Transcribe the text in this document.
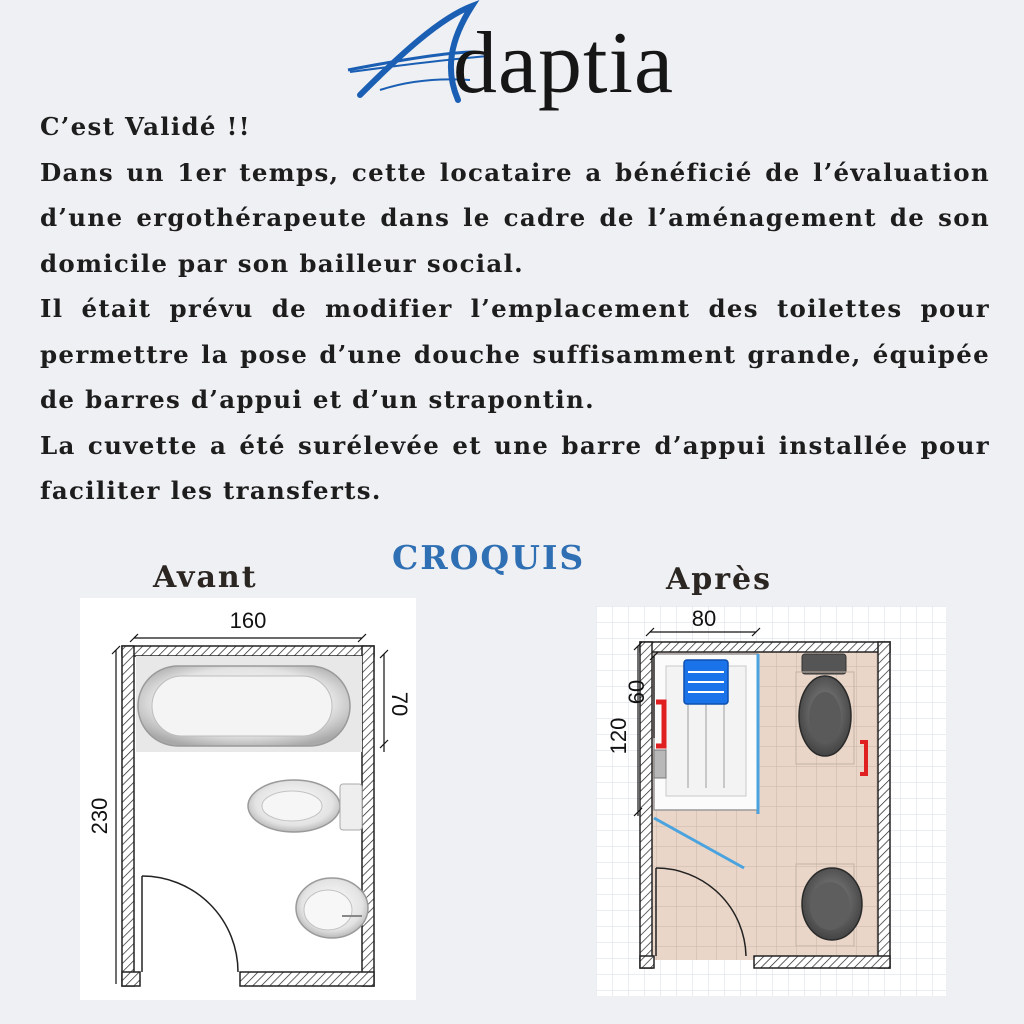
daptia

C’est Validé !!

Dans un 1er temps, cette locataire a bénéficié de l’évaluation d’une ergothérapeute dans le cadre de l’aménagement de son domicile par son bailleur social.

Il était prévu de modifier l’emplacement des toilettes pour permettre la pose d’une douche suffisamment grande, équipée de barres d’appui et d’un strapontin.

La cuvette a été surélevée et une barre d’appui installée pour faciliter les transferts.

CROQUIS
Avant	Après
160
230
70
80
120
60
